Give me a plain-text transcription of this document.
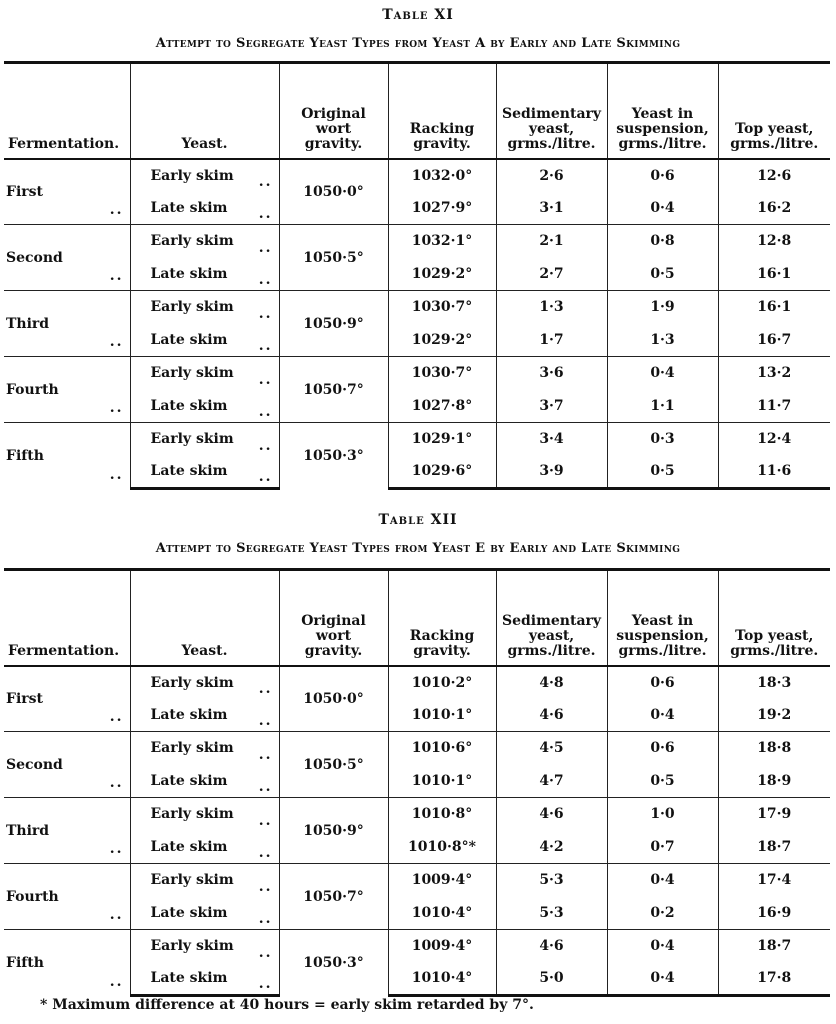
Table XI
Attempt to Segregate Yeast Types from Yeast A by Early and Late Skimming
Fermentation.	Yeast.	Original
wort
gravity.	Racking
gravity.	Sedimentary
yeast,
grms./litre.	Yeast in
suspension,
grms./litre.	Top yeast,
grms./litre.
First
..	Early skim ..	1050·0°	1032·0°	2·6	0·6	12·6
	Late skim ..		1027·9°	3·1	0·4	16·2
Second
..	Early skim ..	1050·5°	1032·1°	2·1	0·8	12·8
	Late skim ..		1029·2°	2·7	0·5	16·1
Third
..	Early skim ..	1050·9°	1030·7°	1·3	1·9	16·1
	Late skim ..		1029·2°	1·7	1·3	16·7
Fourth
..	Early skim ..	1050·7°	1030·7°	3·6	0·4	13·2
	Late skim ..		1027·8°	3·7	1·1	11·7
Fifth
..	Early skim ..	1050·3°	1029·1°	3·4	0·3	12·4
	Late skim ..		1029·6°	3·9	0·5	11·6
Table XII
Attempt to Segregate Yeast Types from Yeast E by Early and Late Skimming
Fermentation.	Yeast.	Original
wort
gravity.	Racking
gravity.	Sedimentary
yeast,
grms./litre.	Yeast in
suspension,
grms./litre.	Top yeast,
grms./litre.
First
..	Early skim ..	1050·0°	1010·2°	4·8	0·6	18·3
	Late skim ..		1010·1°	4·6	0·4	19·2
Second
..	Early skim ..	1050·5°	1010·6°	4·5	0·6	18·8
	Late skim ..		1010·1°	4·7	0·5	18·9
Third
..	Early skim ..	1050·9°	1010·8°	4·6	1·0	17·9
	Late skim ..		1010·8°*	4·2	0·7	18·7
Fourth
..	Early skim ..	1050·7°	1009·4°	5·3	0·4	17·4
	Late skim ..		1010·4°	5·3	0·2	16·9
Fifth
..	Early skim ..	1050·3°	1009·4°	4·6	0·4	18·7
	Late skim ..		1010·4°	5·0	0·4	17·8
* Maximum difference at 40 hours = early skim retarded by 7°.
